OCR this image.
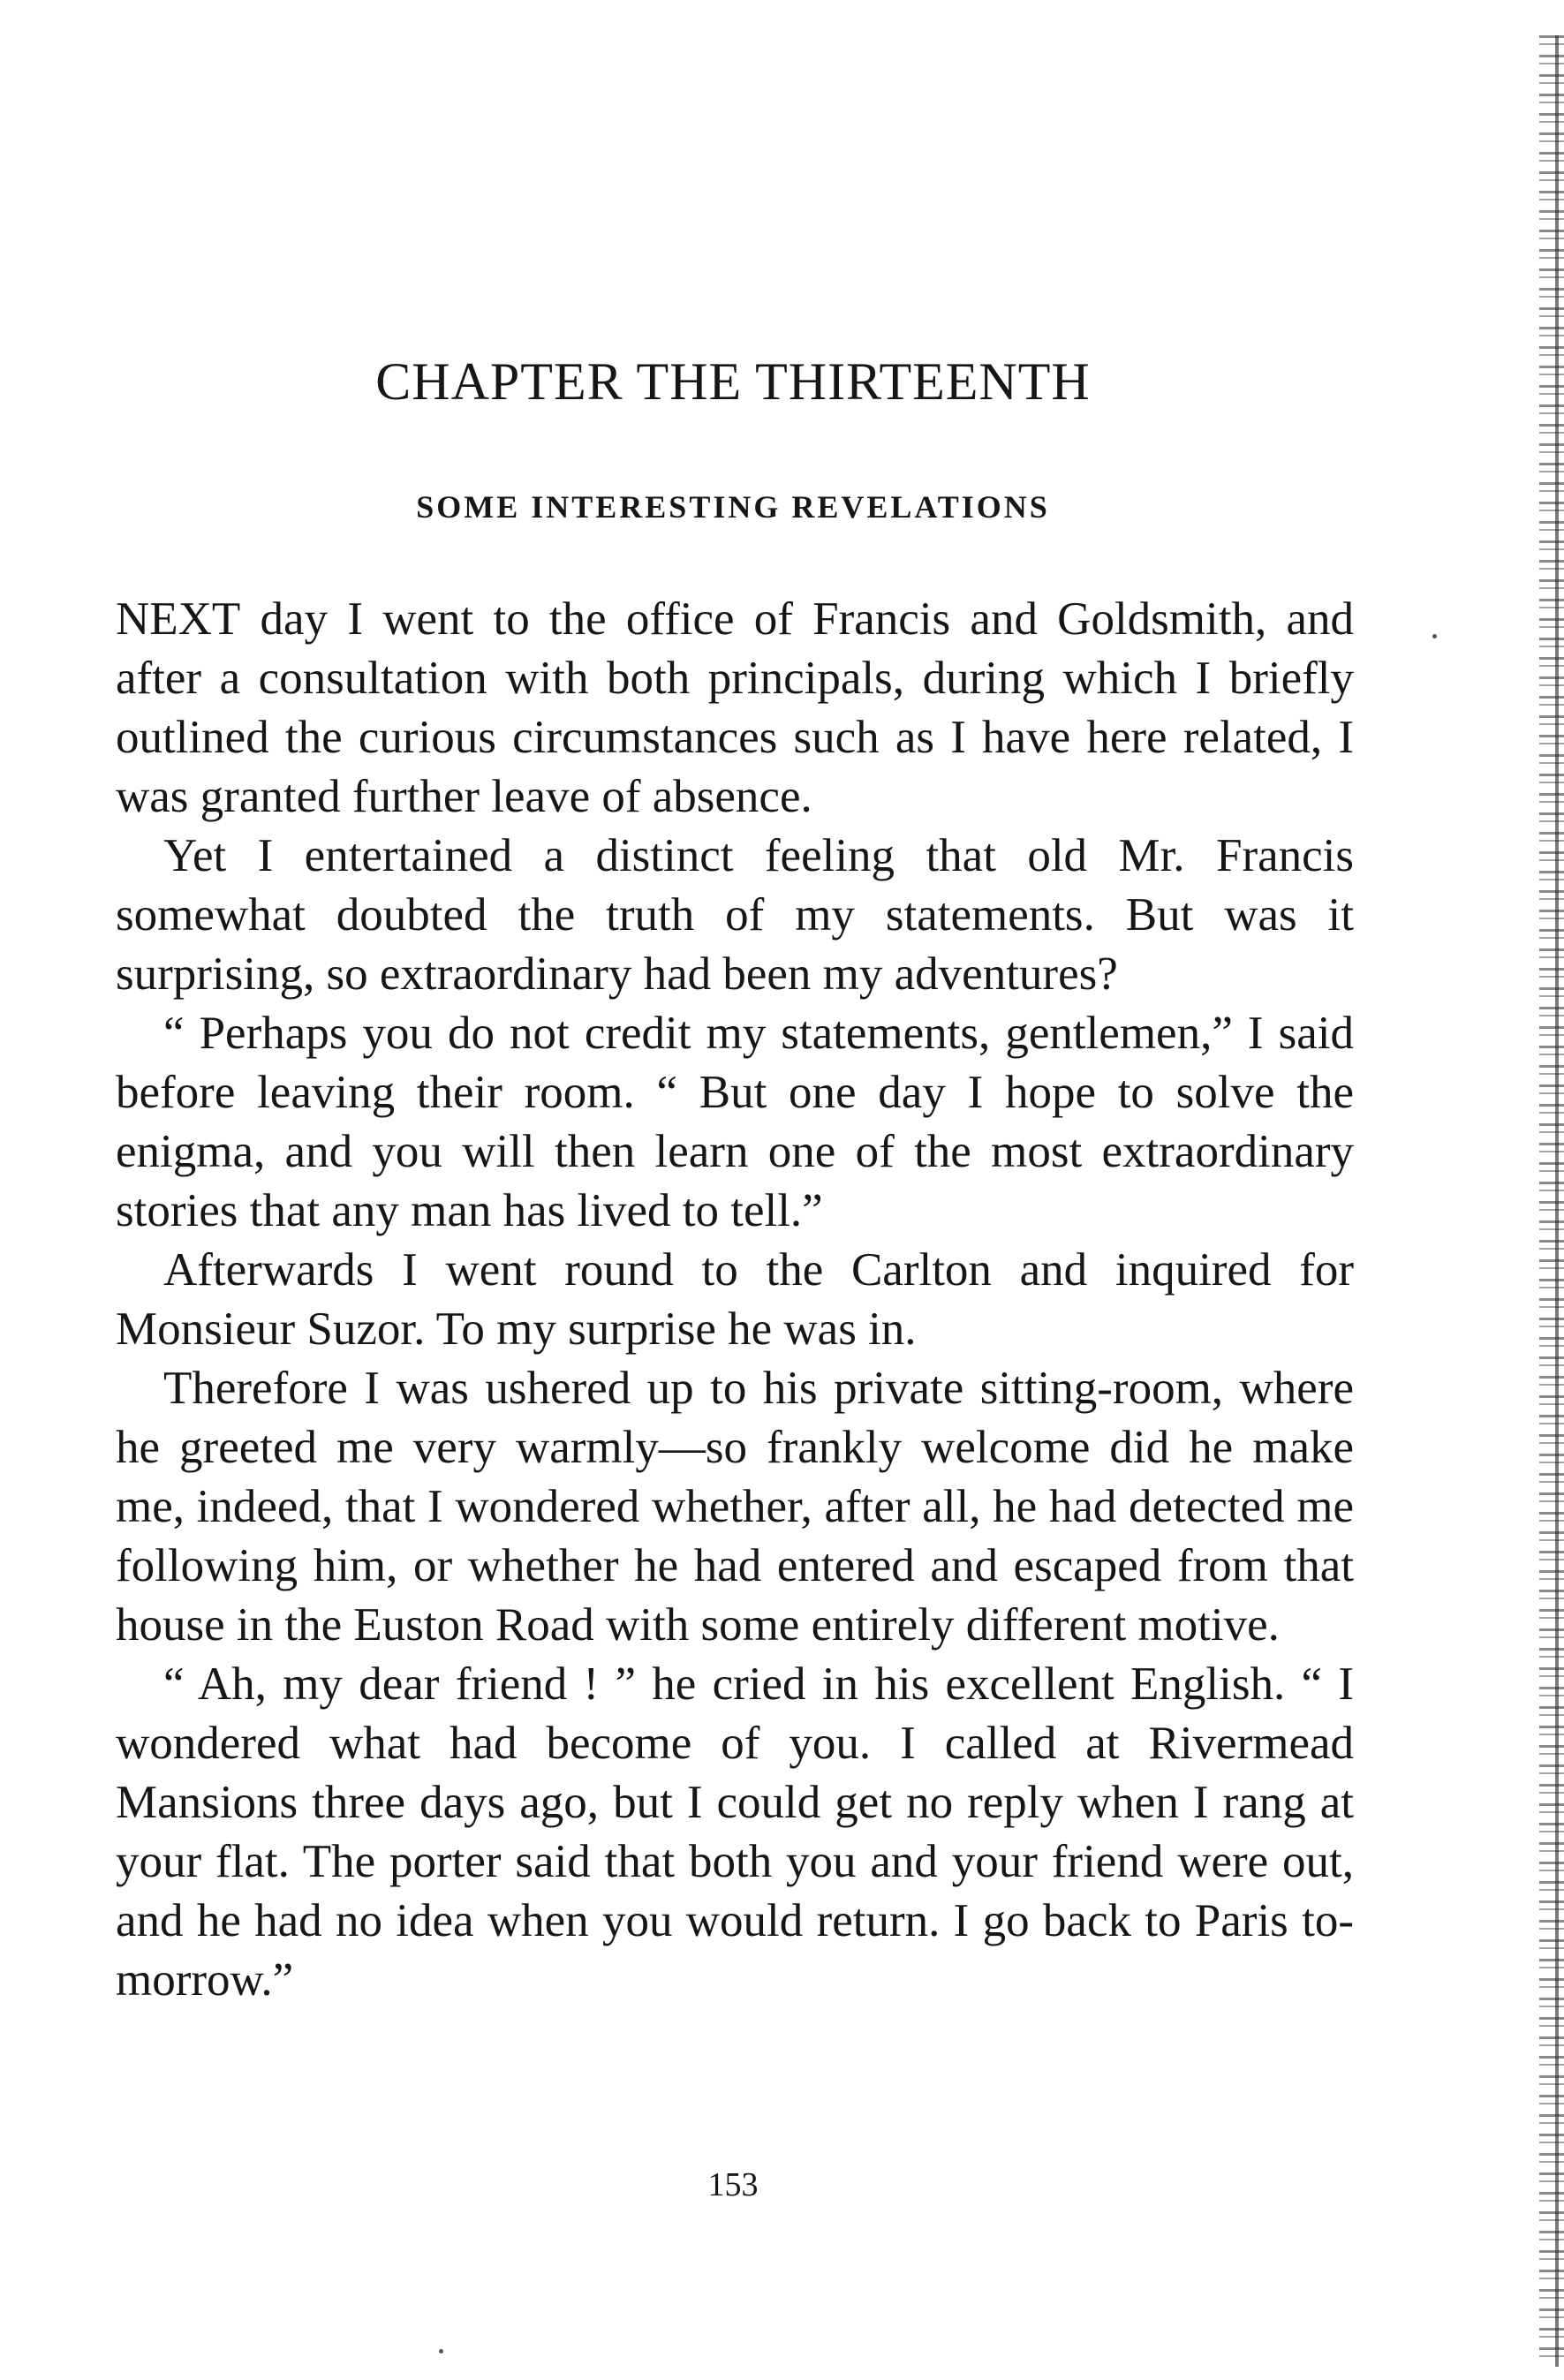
CHAPTER THE THIRTEENTH
SOME INTERESTING REVELATIONS

NEXT day I went to the office of Francis and Goldsmith, and after a consultation with both principals, during which I briefly outlined the curious circumstances such as I have here related, I was granted further leave of absence.

Yet I entertained a distinct feeling that old Mr. Francis somewhat doubted the truth of my statements. But was it surprising, so extraordinary had been my adventures?

“ Perhaps you do not credit my statements, gentlemen,” I said before leaving their room. “ But one day I hope to solve the enigma, and you will then learn one of the most extraordinary stories that any man has lived to tell.”

Afterwards I went round to the Carlton and inquired for Monsieur Suzor. To my surprise he was in.

Therefore I was ushered up to his private sitting-room, where he greeted me very warmly—so frankly welcome did he make me, indeed, that I wondered whether, after all, he had detected me following him, or whether he had entered and escaped from that house in the Euston Road with some entirely different motive.

“ Ah, my dear friend ! ” he cried in his excellent English. “ I wondered what had become of you. I called at Rivermead Mansions three days ago, but I could get no reply when I rang at your flat. The porter said that both you and your friend were out, and he had no idea when you would return. I go back to Paris to-morrow.”

153
